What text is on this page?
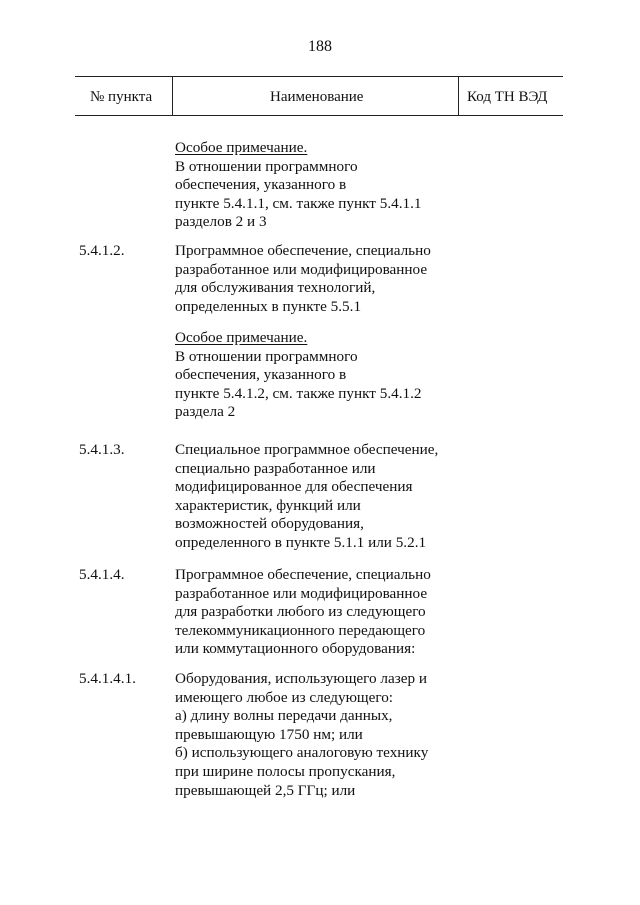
188
№ пункта	Наименование	Код ТН ВЭД
Особое примечание.
В отношении программного
обеспечения, указанного в
пункте 5.4.1.1, см. также пункт 5.4.1.1
разделов 2 и 3
5.4.1.2.	Программное обеспечение, специально
разработанное или модифицированное
для обслуживания технологий,
определенных в пункте 5.5.1
Особое примечание.
В отношении программного
обеспечения, указанного в
пункте 5.4.1.2, см. также пункт 5.4.1.2
раздела 2
5.4.1.3.	Специальное программное обеспечение,
специально разработанное или
модифицированное для обеспечения
характеристик, функций или
возможностей оборудования,
определенного в пункте 5.1.1 или 5.2.1
5.4.1.4.	Программное обеспечение, специально
разработанное или модифицированное
для разработки любого из следующего
телекоммуникационного передающего
или коммутационного оборудования:
5.4.1.4.1.	Оборудования, использующего лазер и
имеющего любое из следующего:
а) длину волны передачи данных,
превышающую 1750 нм; или
б) использующего аналоговую технику
при ширине полосы пропускания,
превышающей 2,5 ГГц; или
